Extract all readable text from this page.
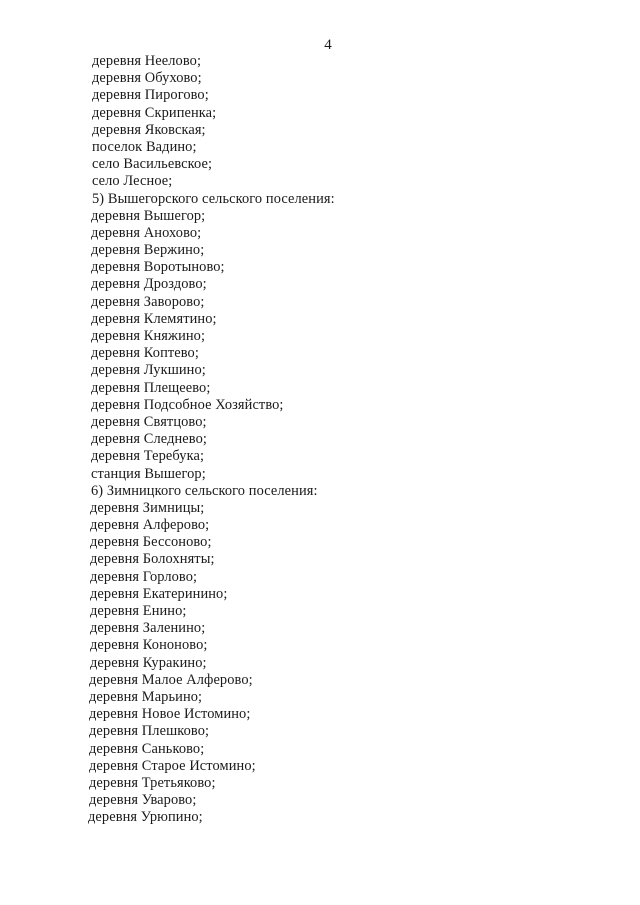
4
деревня Неелово;
деревня Обухово;
деревня Пирогово;
деревня Скрипенка;
деревня Яковская;
поселок Вадино;
село Васильевское;
село Лесное;
5) Вышегорского сельского поселения:
деревня Вышегор;
деревня Анохово;
деревня Вержино;
деревня Воротыново;
деревня Дроздово;
деревня Заворово;
деревня Клемятино;
деревня Княжино;
деревня Коптево;
деревня Лукшино;
деревня Плещеево;
деревня Подсобное Хозяйство;
деревня Святцово;
деревня Следнево;
деревня Теребука;
станция Вышегор;
6) Зимницкого сельского поселения:
деревня Зимницы;
деревня Алферово;
деревня Бессоново;
деревня Болохняты;
деревня Горлово;
деревня Екатеринино;
деревня Енино;
деревня Заленино;
деревня Кононово;
деревня Куракино;
деревня Малое Алферово;
деревня Марьино;
деревня Новое Истомино;
деревня Плешково;
деревня Саньково;
деревня Старое Истомино;
деревня Третьяково;
деревня Уварово;
деревня Урюпино;
